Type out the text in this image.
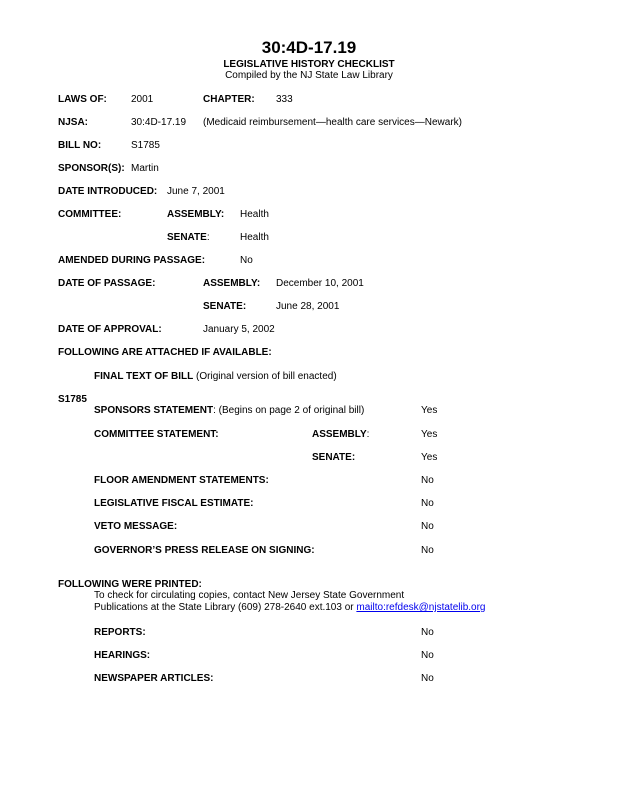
30:4D-17.19
LEGISLATIVE HISTORY CHECKLIST
Compiled by the NJ State Law Library
LAWS OF: 2001	CHAPTER: 333
NJSA:	30:4D-17.19 (Medicaid reimbursement—health care services—Newark)
BILL NO:	S1785
SPONSOR(S): Martin
DATE INTRODUCED: June 7, 2001
COMMITTEE:	ASSEMBLY: Health
SENATE:	Health
AMENDED DURING PASSAGE:	No
DATE OF PASSAGE:	ASSEMBLY: December 10, 2001
SENATE:	June 28, 2001
DATE OF APPROVAL:	January 5, 2002
FOLLOWING ARE ATTACHED IF AVAILABLE:
FINAL TEXT OF BILL (Original version of bill enacted)
S1785
SPONSORS STATEMENT: (Begins on page 2 of original bill)	Yes
COMMITTEE STATEMENT:	ASSEMBLY:	Yes
SENATE:	Yes
FLOOR AMENDMENT STATEMENTS:	No
LEGISLATIVE FISCAL ESTIMATE:	No
VETO MESSAGE:	No
GOVERNOR’S PRESS RELEASE ON SIGNING:	No
FOLLOWING WERE PRINTED:
To check for circulating copies, contact New Jersey State Government
Publications at the State Library (609) 278-2640 ext.103 or mailto:refdesk@njstatelib.org
REPORTS:	No
HEARINGS:	No
NEWSPAPER ARTICLES:	No
